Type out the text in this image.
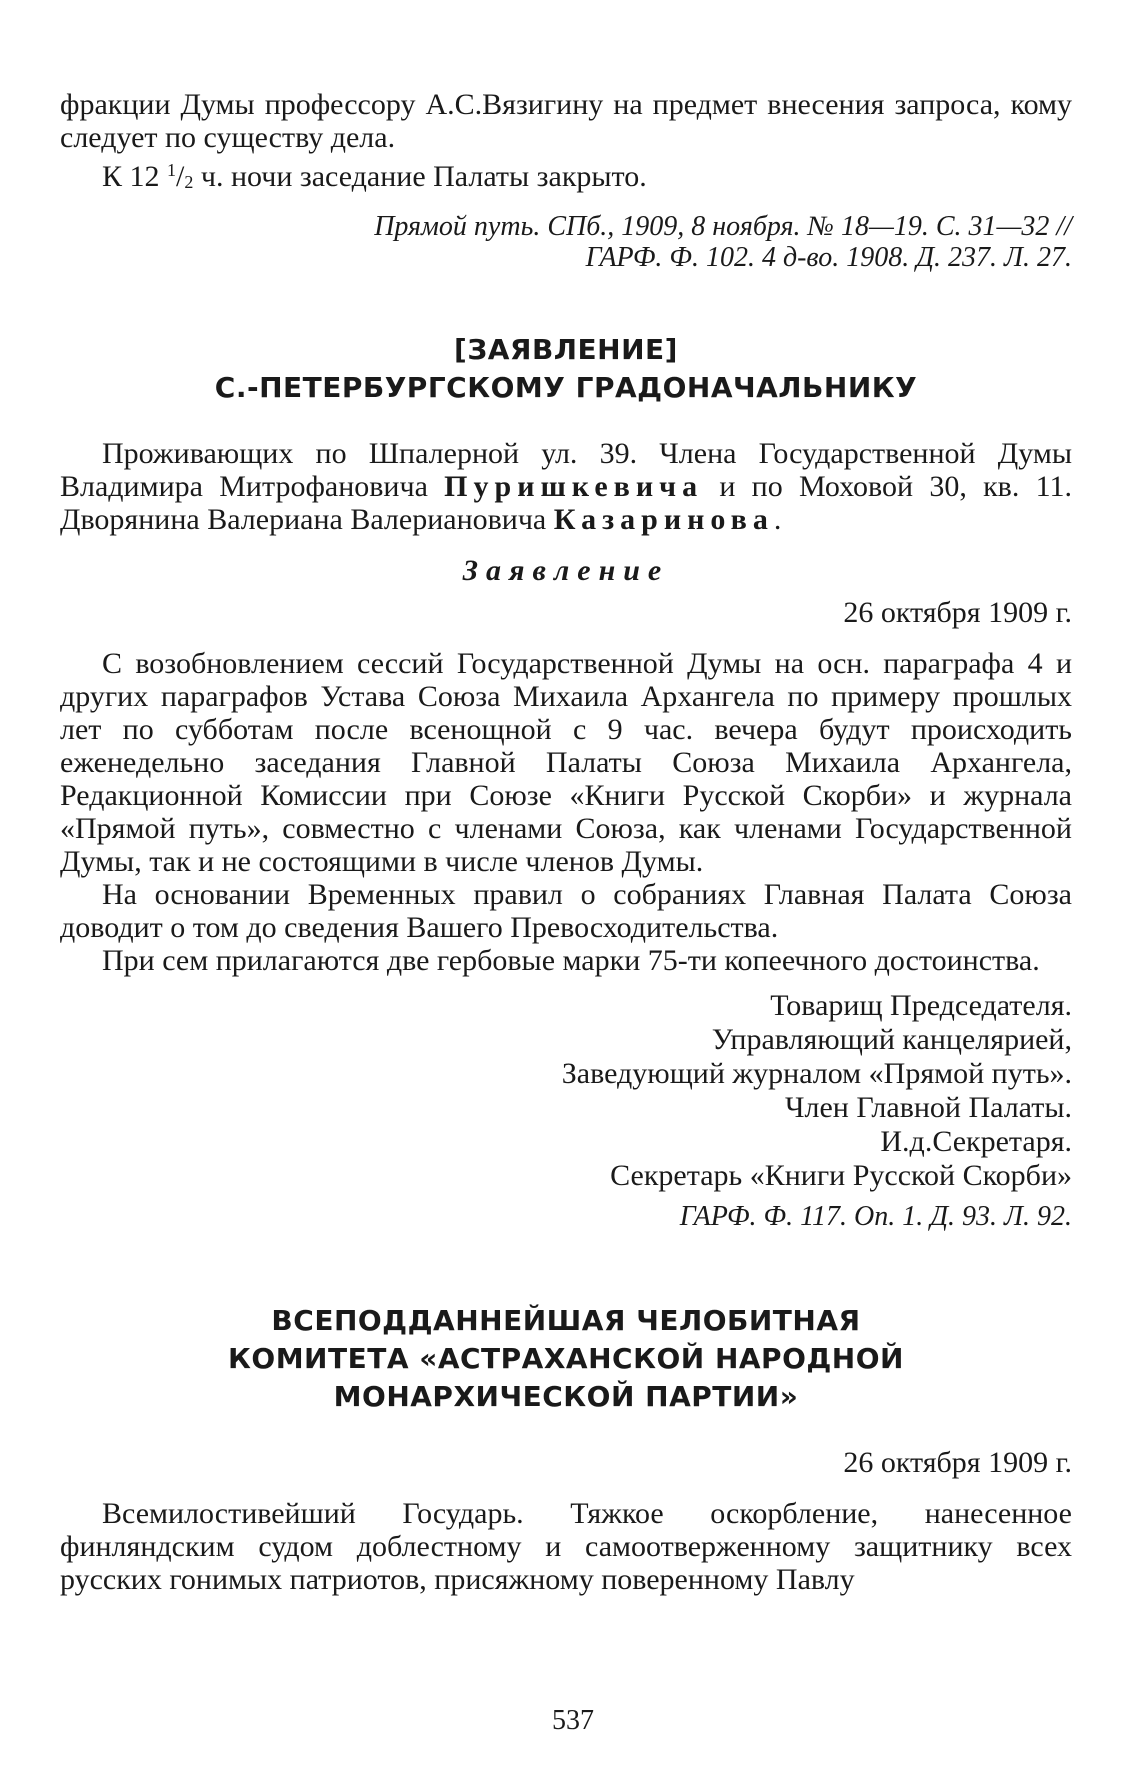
фракции Думы профессору А.С.Вязигину на предмет внесения запроса, кому следует по существу дела.

К 12 $^1/_2$ ч. ночи заседание Палаты закрыто.

Прямой путь. СПб., 1909, 8 ноября. № 18—19. С. 31—32 //

ГАРФ. Ф. 102. 4 д-во. 1908. Д. 237. Л. 27.

[ЗАЯВЛЕНИЕ]

С.-ПЕТЕРБУРГСКОМУ ГРАДОНАЧАЛЬНИКУ

Проживающих по Шпалерной ул. 39. Члена Государственной Думы Владимира Митрофановича Пуришкевича и по Моховой 30, кв. 11. Дворянина Валериана Валериановича Казаринова.

Заявление

26 октября 1909 г.

С возобновлением сессий Государственной Думы на осн. параграфа 4 и других параграфов Устава Союза Михаила Архангела по примеру прошлых лет по субботам после всенощной с 9 час. вечера будут происходить еженедельно заседания Главной Палаты Союза Михаила Архангела, Редакционной Комиссии при Союзе «Книги Русской Скорби» и журнала «Прямой путь», совместно с членами Союза, как членами Государственной Думы, так и не состоящими в числе членов Думы.

На основании Временных правил о собраниях Главная Палата Союза доводит о том до сведения Вашего Превосходительства.

При сем прилагаются две гербовые марки 75-ти копеечного достоинства.

Товарищ Председателя.

Управляющий канцелярией,

Заведующий журналом «Прямой путь».

Член Главной Палаты.

И.д.Секретаря.

Секретарь «Книги Русской Скорби»

ГАРФ. Ф. 117. Оп. 1. Д. 93. Л. 92.

ВСЕПОДДАННЕЙШАЯ ЧЕЛОБИТНАЯ

КОМИТЕТА «АСТРАХАНСКОЙ НАРОДНОЙ

МОНАРХИЧЕСКОЙ ПАРТИИ»

26 октября 1909 г.

Всемилостивейший Государь. Тяжкое оскорбление, нанесенное финляндским судом доблестному и самоотверженному защитнику всех русских гонимых патриотов, присяжному поверенному Павлу

537
